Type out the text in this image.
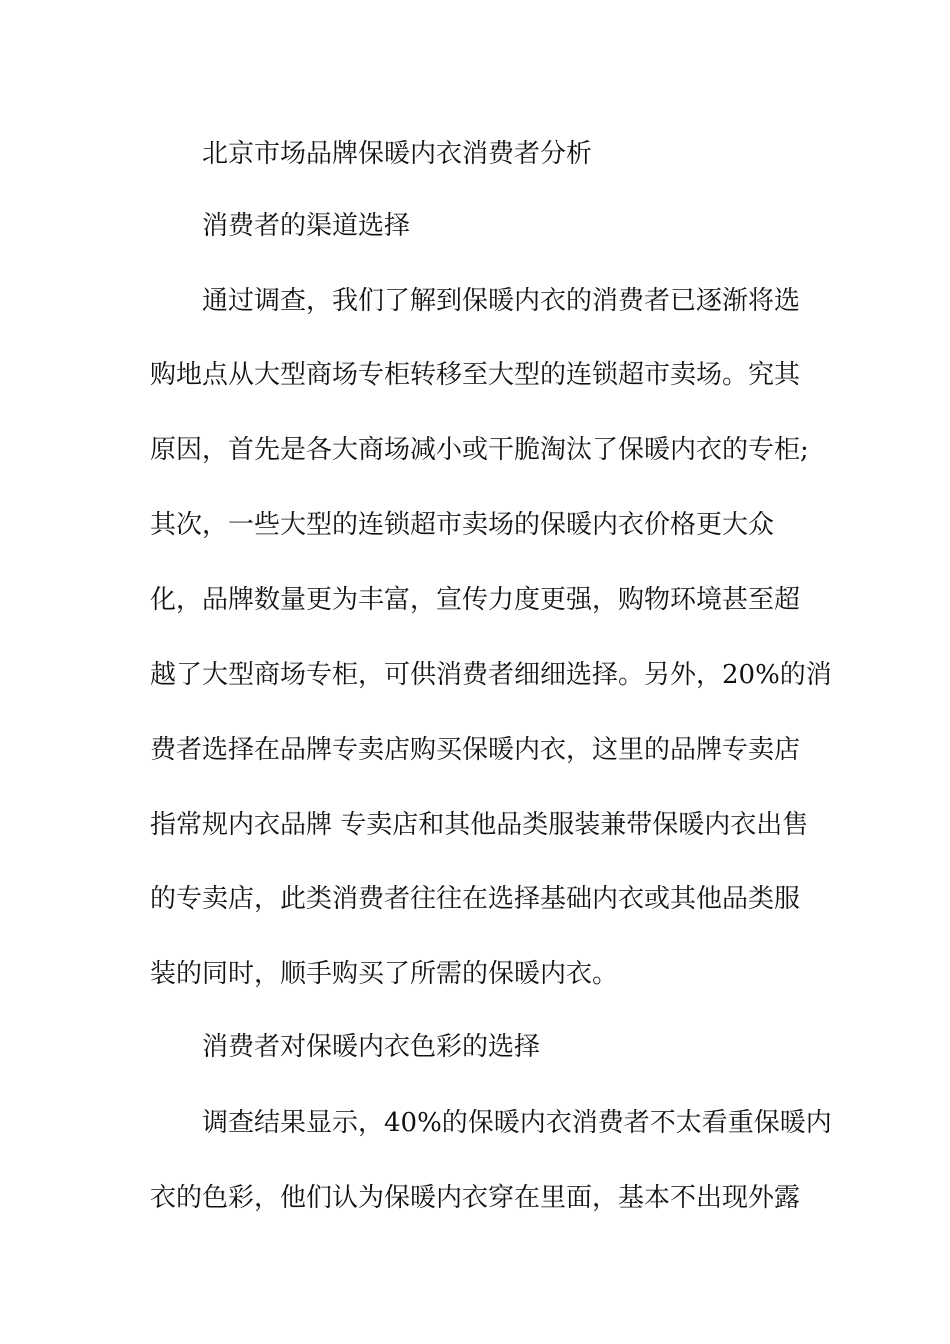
北京市场品牌保暖内衣消费者分析

消费者的渠道选择

通过调查，我们了解到保暖内衣的消费者已逐渐将选

购地点从大型商场专柜转移至大型的连锁超市卖场。究其

原因，首先是各大商场减小或干脆淘汰了保暖内衣的专柜;

其次，一些大型的连锁超市卖场的保暖内衣价格更大众

化，品牌数量更为丰富，宣传力度更强，购物环境甚至超

越了大型商场专柜，可供消费者细细选择。另外，20%的消

费者选择在品牌专卖店购买保暖内衣，这里的品牌专卖店

指常规内衣品牌 专卖店和其他品类服装兼带保暖内衣出售

的专卖店，此类消费者往往在选择基础内衣或其他品类服

装的同时，顺手购买了所需的保暖内衣。

消费者对保暖内衣色彩的选择

调查结果显示，40%的保暖内衣消费者不太看重保暖内

衣的色彩，他们认为保暖内衣穿在里面，基本不出现外露
